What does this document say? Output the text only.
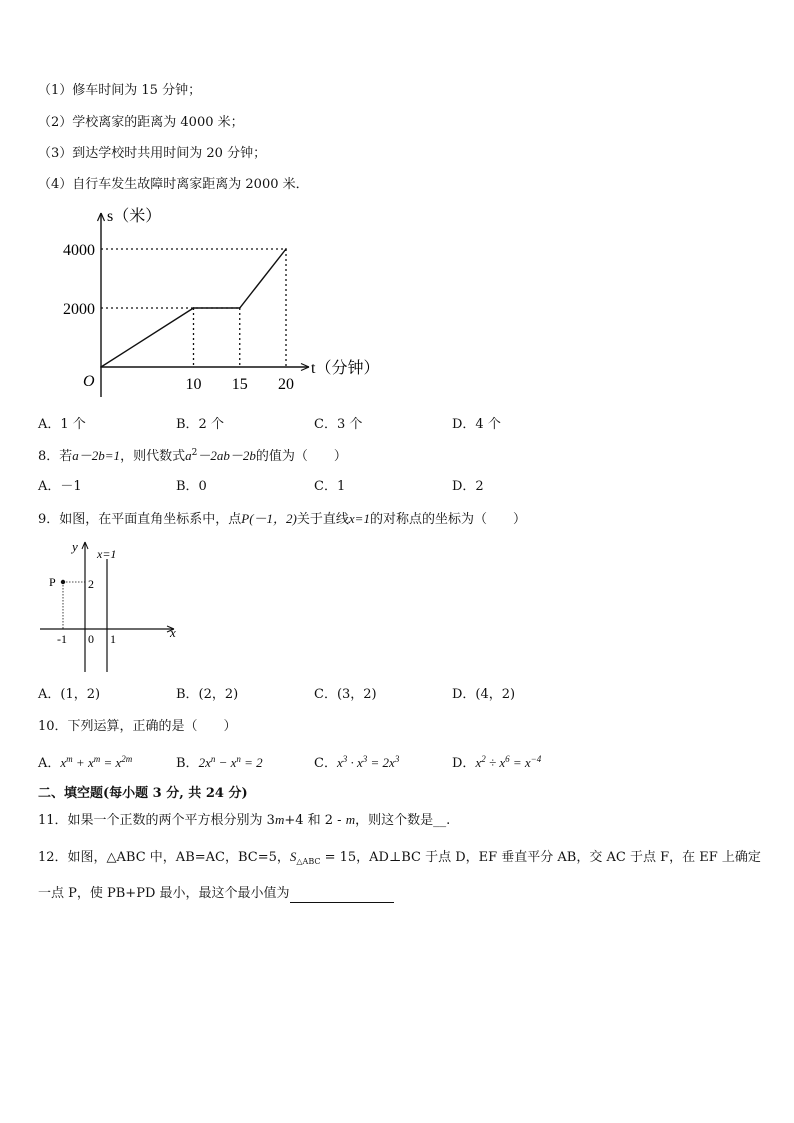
（1）修车时间为 15 分钟；
（2）学校离家的距离为 4000 米；
（3）到达学校时共用时间为 20 分钟；
（4）自行车发生故障时离家距离为 2000 米．
10 15 20
2000
4000
O
t（分钟）
s（米）
A．1 个	B．2 个	C．3 个	D．4 个
8．若a－2b=1，则代数式$a^2-2ab-2b$的值为（　　）
A．－1	B．0	C．1	D．2
9．如图，在平面直角坐标系中，点P(－1，2)关于直线x=1的对称点的坐标为（　　）
y x=1
P	2
-1 0 1	x
A．(1，2)	B．(2，2)	C．(3，2)	D．(4，2)
10．下列运算，正确的是（　　）
A．$x^m + x^m = x^{2m}$	B．$2x^n - x^n = 2$	C．$x^3 \cdot x^3 = 2x^3$	D．$x^2 \div x^6 = x^{-4}$
二、填空题(每小题 3 分, 共 24 分)
11．如果一个正数的两个平方根分别为 3m+4 和 2 - m，则这个数是__.
12．如图，△ABC 中，AB=AC，BC=5，$S_{\triangle ABC} = 15$，AD⊥BC 于点 D，EF 垂直平分 AB，交 AC 于点 F，在 EF 上确定
一点 P，使 PB+PD 最小，最这个最小值为
